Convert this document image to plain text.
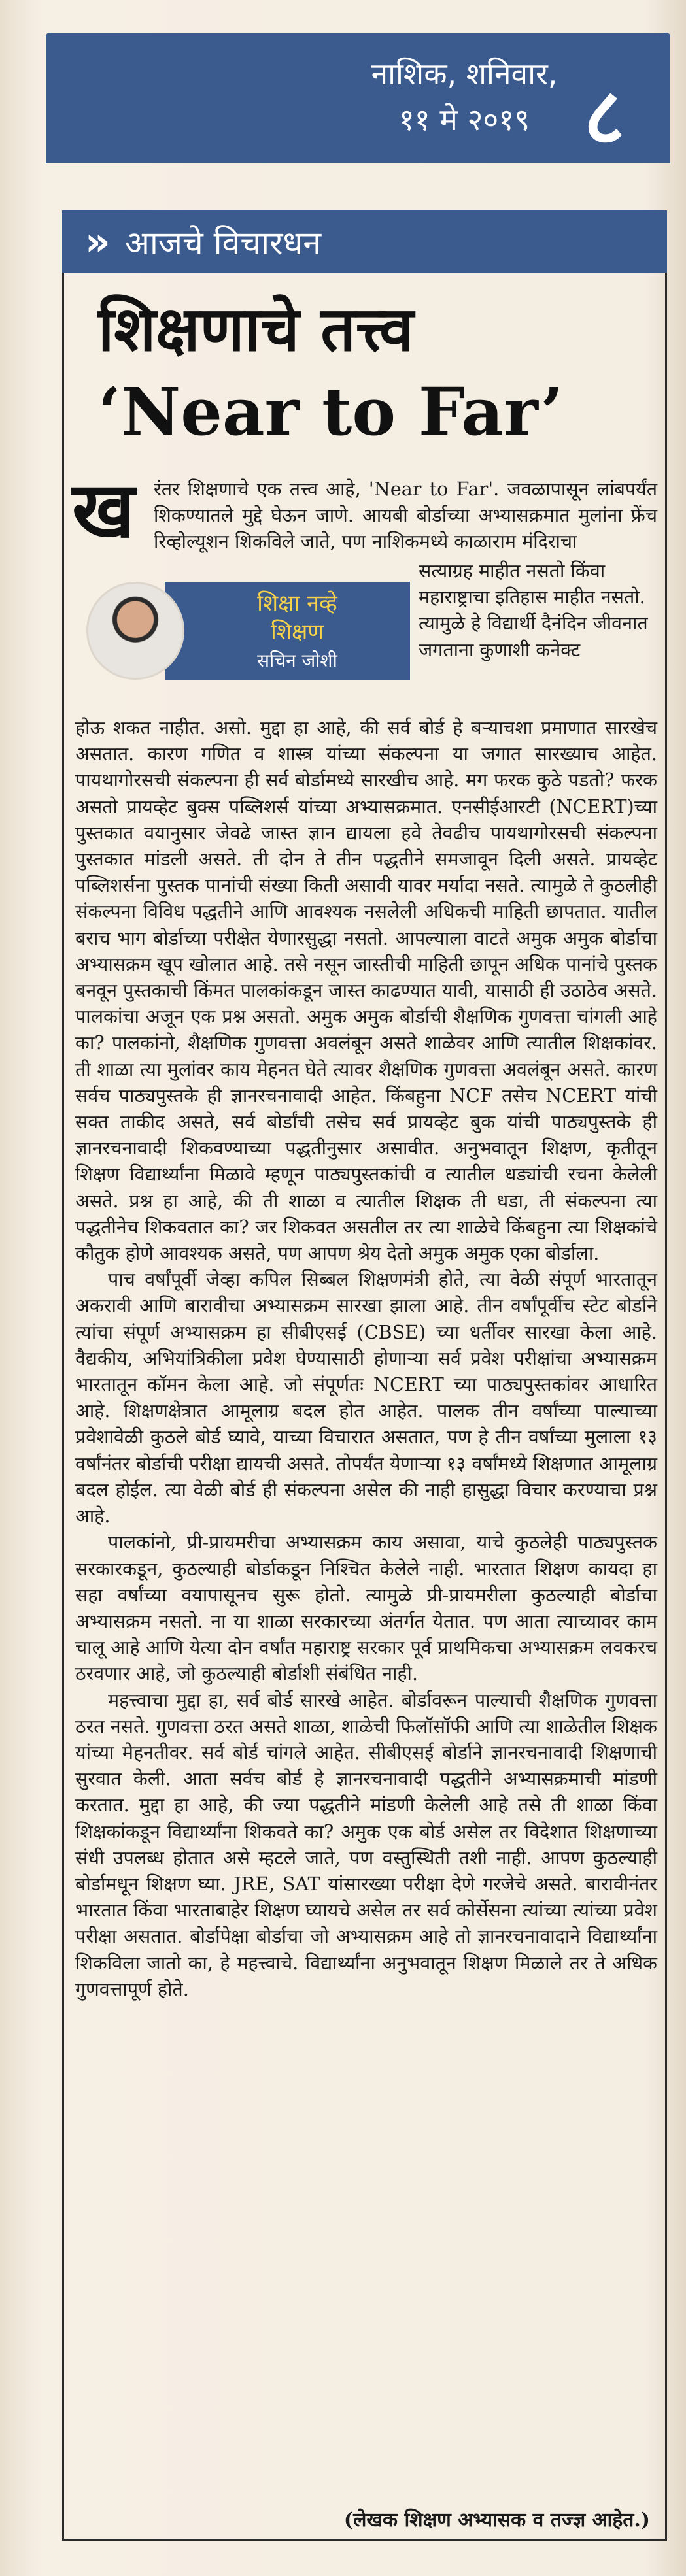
नाशिक, शनिवार,
११ मे २०१९ ८
» आजचे विचारधन
शिक्षणाचे तत्त्व
‘Near to Far’
ख रंतर शिक्षणाचे एक तत्त्व आहे, 'Near to Far'. जवळापासून लांबपर्यंत शिकण्यातले मुद्दे घेऊन जाणे. आयबी बोर्डाच्या अभ्यासक्रमात मुलांना फ्रेंच रिव्होल्यूशन शिकविले जाते, पण नाशिकमध्ये काळाराम मंदिराचा

शिक्षा नव्हे
शिक्षण
सचिन जोशी

सत्याग्रह माहीत नसतो किंवा महाराष्ट्राचा इतिहास माहीत नसतो. त्यामुळे हे विद्यार्थी दैनंदिन जीवनात जगताना कुणाशी कनेक्ट

होऊ शकत नाहीत. असो. मुद्दा हा आहे, की सर्व बोर्ड हे बऱ्याचशा प्रमाणात सारखेच असतात. कारण गणित व शास्त्र यांच्या संकल्पना या जगात सारख्याच आहेत. पायथागोरसची संकल्पना ही सर्व बोर्डामध्ये सारखीच आहे. मग फरक कुठे पडतो? फरक असतो प्रायव्हेट बुक्स पब्लिशर्स यांच्या अभ्यासक्रमात. एनसीईआरटी (NCERT)च्या पुस्तकात वयानुसार जेवढे जास्त ज्ञान द्यायला हवे तेवढीच पायथागोरसची संकल्पना पुस्तकात मांडली असते. ती दोन ते तीन पद्धतीने समजावून दिली असते. प्रायव्हेट पब्लिशर्सना पुस्तक पानांची संख्या किती असावी यावर मर्यादा नसते. त्यामुळे ते कुठलीही संकल्पना विविध पद्धतीने आणि आवश्यक नसलेली अधिकची माहिती छापतात. यातील बराच भाग बोर्डाच्या परीक्षेत येणारसुद्धा नसतो. आपल्याला वाटते अमुक अमुक बोर्डाचा अभ्यासक्रम खूप खोलात आहे. तसे नसून जास्तीची माहिती छापून अधिक पानांचे पुस्तक बनवून पुस्तकाची किंमत पालकांकडून जास्त काढण्यात यावी, यासाठी ही उठाठेव असते. पालकांचा अजून एक प्रश्न असतो. अमुक अमुक बोर्डाची शैक्षणिक गुणवत्ता चांगली आहे का? पालकांनो, शैक्षणिक गुणवत्ता अवलंबून असते शाळेवर आणि त्यातील शिक्षकांवर. ती शाळा त्या मुलांवर काय मेहनत घेते त्यावर शैक्षणिक गुणवत्ता अवलंबून असते. कारण सर्वच पाठ्यपुस्तके ही ज्ञानरचनावादी आहेत. किंबहुना NCF तसेच NCERT यांची सक्त ताकीद असते, सर्व बोर्डांची तसेच सर्व प्रायव्हेट बुक यांची पाठ्यपुस्तके ही ज्ञानरचनावादी शिकवण्याच्या पद्धतीनुसार असावीत. अनुभवातून शिक्षण, कृतीतून शिक्षण विद्यार्थ्यांना मिळावे म्हणून पाठ्यपुस्तकांची व त्यातील धड्यांची रचना केलेली असते. प्रश्न हा आहे, की ती शाळा व त्यातील शिक्षक ती धडा, ती संकल्पना त्या पद्धतीनेच शिकवतात का? जर शिकवत असतील तर त्या शाळेचे किंबहुना त्या शिक्षकांचे कौतुक होणे आवश्यक असते, पण आपण श्रेय देतो अमुक अमुक एका बोर्डाला.

पाच वर्षांपूर्वी जेव्हा कपिल सिब्बल शिक्षणमंत्री होते, त्या वेळी संपूर्ण भारतातून अकरावी आणि बारावीचा अभ्यासक्रम सारखा झाला आहे. तीन वर्षांपूर्वीच स्टेट बोर्डाने त्यांचा संपूर्ण अभ्यासक्रम हा सीबीएसई (CBSE) च्या धर्तीवर सारखा केला आहे. वैद्यकीय, अभियांत्रिकीला प्रवेश घेण्यासाठी होणाऱ्या सर्व प्रवेश परीक्षांचा अभ्यासक्रम भारतातून कॉमन केला आहे. जो संपूर्णतः NCERT च्या पाठ्यपुस्तकांवर आधारित आहे. शिक्षणक्षेत्रात आमूलाग्र बदल होत आहेत. पालक तीन वर्षांच्या पाल्याच्या प्रवेशावेळी कुठले बोर्ड घ्यावे, याच्या विचारात असतात, पण हे तीन वर्षांच्या मुलाला १३ वर्षांनंतर बोर्डाची परीक्षा द्यायची असते. तोपर्यंत येणाऱ्या १३ वर्षांमध्ये शिक्षणात आमूलाग्र बदल होईल. त्या वेळी बोर्ड ही संकल्पना असेल की नाही हासुद्धा विचार करण्याचा प्रश्न आहे.

पालकांनो, प्री-प्रायमरीचा अभ्यासक्रम काय असावा, याचे कुठलेही पाठ्यपुस्तक सरकारकडून, कुठल्याही बोर्डाकडून निश्चित केलेले नाही. भारतात शिक्षण कायदा हा सहा वर्षांच्या वयापासूनच सुरू होतो. त्यामुळे प्री-प्रायमरीला कुठल्याही बोर्डाचा अभ्यासक्रम नसतो. ना या शाळा सरकारच्या अंतर्गत येतात. पण आता त्याच्यावर काम चालू आहे आणि येत्या दोन वर्षांत महाराष्ट्र सरकार पूर्व प्राथमिकचा अभ्यासक्रम लवकरच ठरवणार आहे, जो कुठल्याही बोर्डाशी संबंधित नाही.

महत्त्वाचा मुद्दा हा, सर्व बोर्ड सारखे आहेत. बोर्डावरून पाल्याची शैक्षणिक गुणवत्ता ठरत नसते. गुणवत्ता ठरत असते शाळा, शाळेची फिलॉसॉफी आणि त्या शाळेतील शिक्षक यांच्या मेहनतीवर. सर्व बोर्ड चांगले आहेत. सीबीएसई बोर्डाने ज्ञानरचनावादी शिक्षणाची सुरवात केली. आता सर्वच बोर्ड हे ज्ञानरचनावादी पद्धतीने अभ्यासक्रमाची मांडणी करतात. मुद्दा हा आहे, की ज्या पद्धतीने मांडणी केलेली आहे तसे ती शाळा किंवा शिक्षकांकडून विद्यार्थ्यांना शिकवते का? अमुक एक बोर्ड असेल तर विदेशात शिक्षणाच्या संधी उपलब्ध होतात असे म्हटले जाते, पण वस्तुस्थिती तशी नाही. आपण कुठल्याही बोर्डामधून शिक्षण घ्या. JRE, SAT यांसारख्या परीक्षा देणे गरजेचे असते. बारावीनंतर भारतात किंवा भारताबाहेर शिक्षण घ्यायचे असेल तर सर्व कोर्सेसना त्यांच्या त्यांच्या प्रवेश परीक्षा असतात. बोर्डापेक्षा बोर्डाचा जो अभ्यासक्रम आहे तो ज्ञानरचनावादाने विद्यार्थ्यांना शिकविला जातो का, हे महत्त्वाचे. विद्यार्थ्यांना अनुभवातून शिक्षण मिळाले तर ते अधिक गुणवत्तापूर्ण होते.

(लेखक शिक्षण अभ्यासक व तज्ज्ञ आहेत.)
